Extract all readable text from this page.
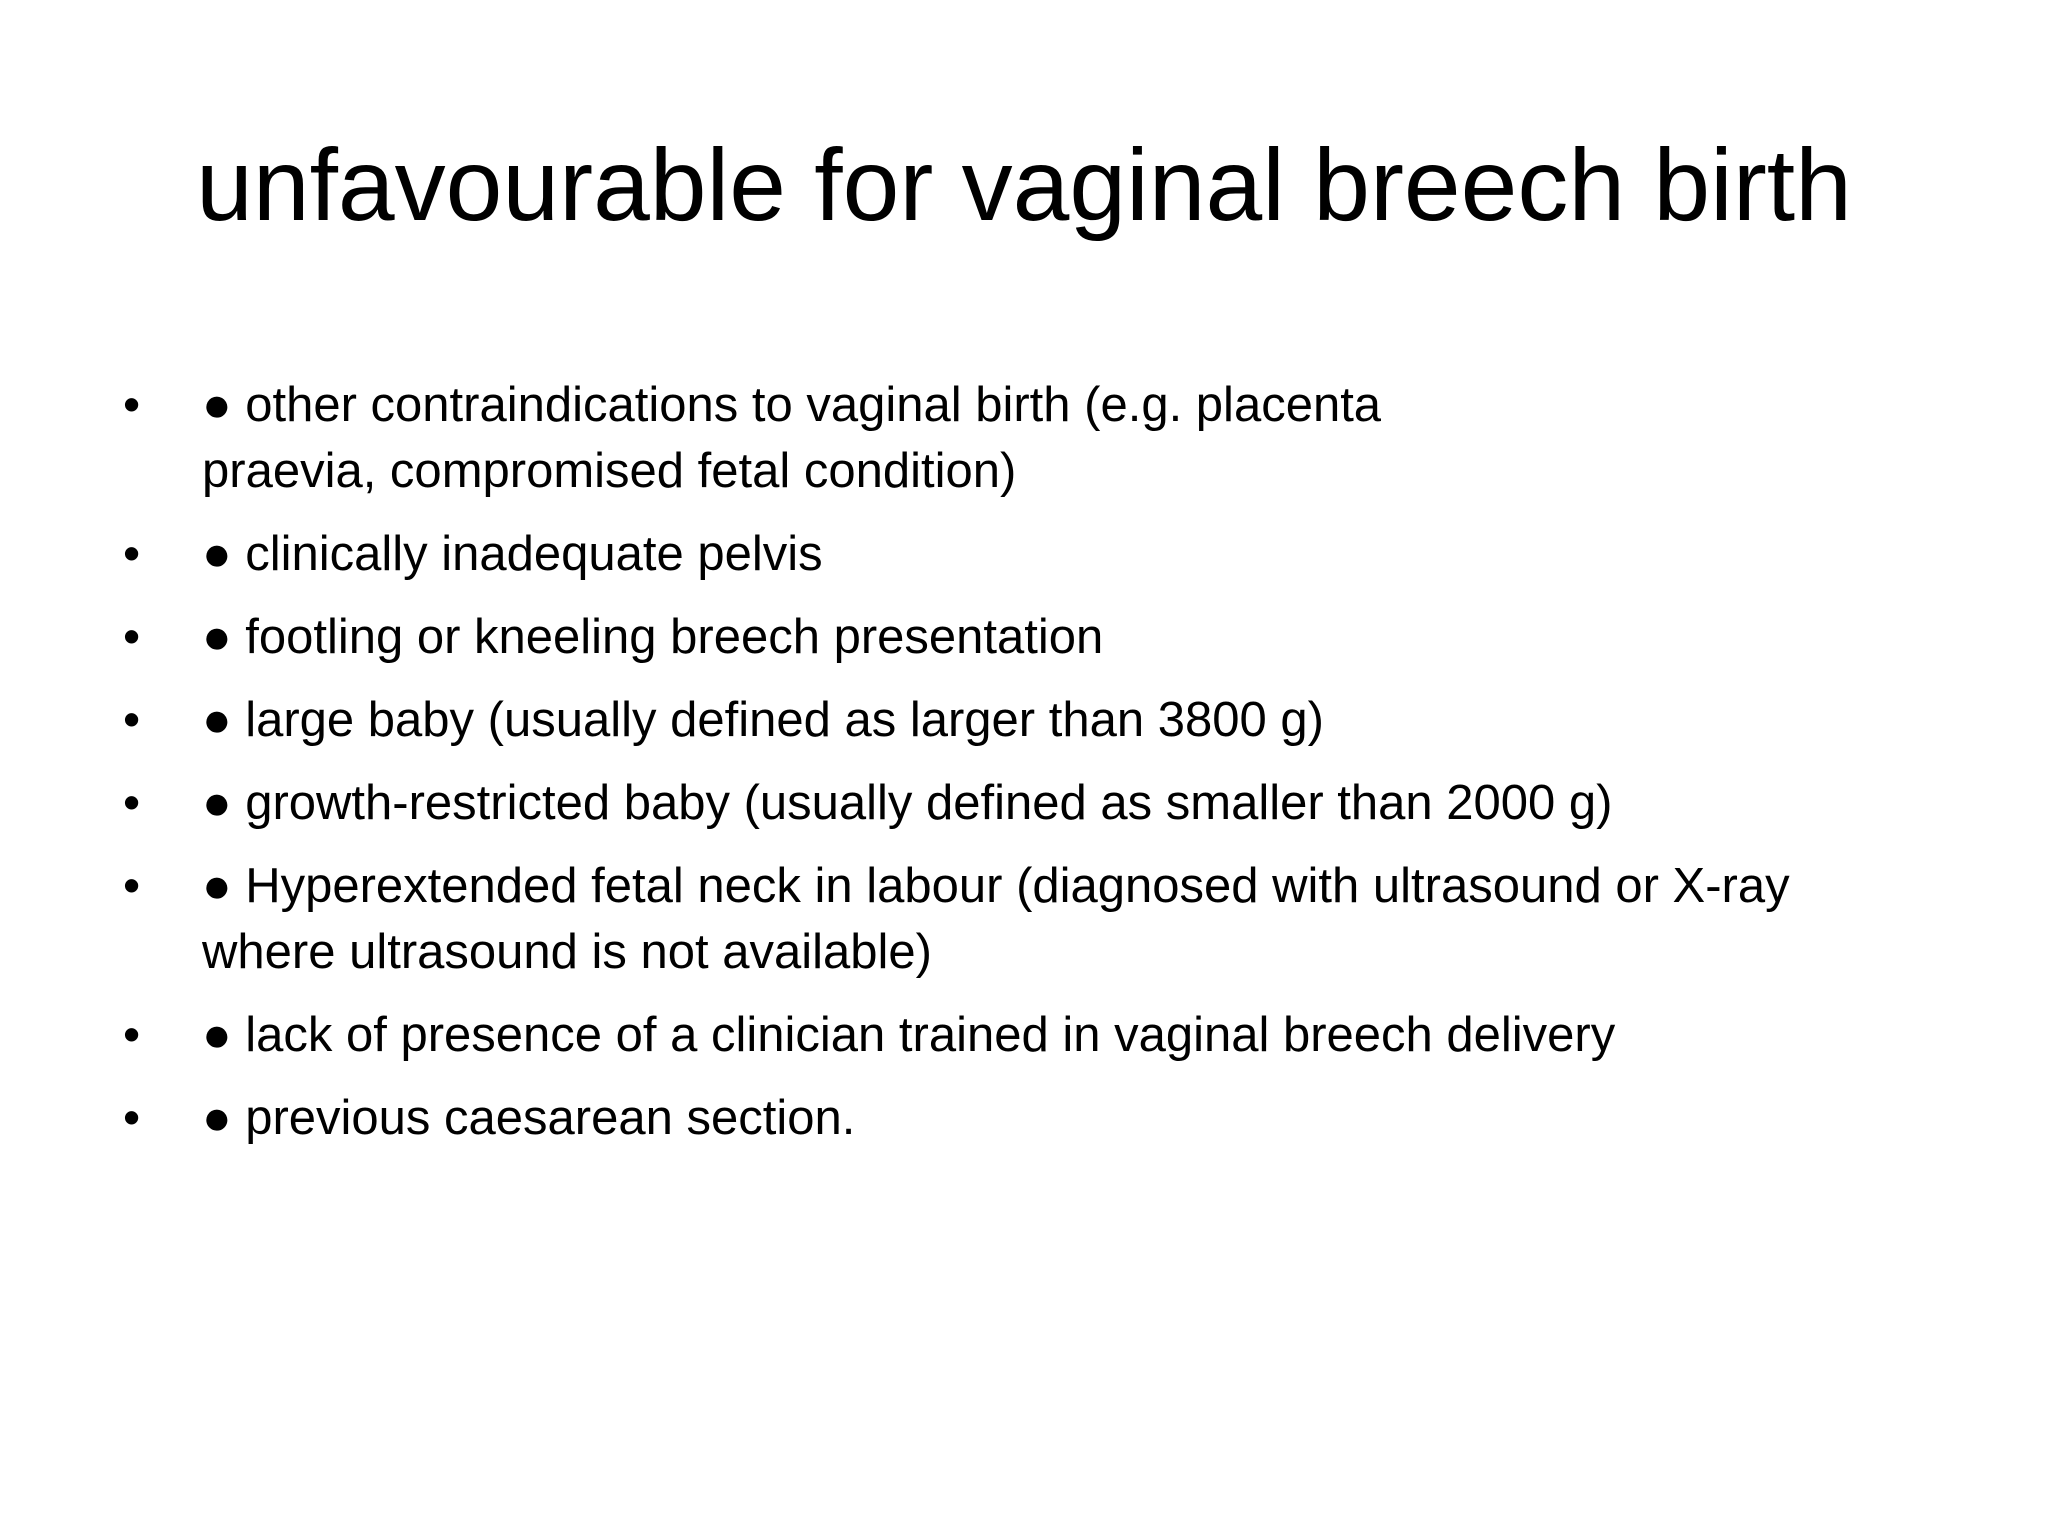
unfavourable for vaginal breech birth
• ● other contraindications to vaginal birth (e.g. placenta
praevia, compromised fetal condition)
• ● clinically inadequate pelvis
• ● footling or kneeling breech presentation
• ● large baby (usually defined as larger than 3800 g)
• ● growth-restricted baby (usually defined as smaller than 2000 g)
• ● Hyperextended fetal neck in labour (diagnosed with ultrasound or X-ray
where ultrasound is not available)
• ● lack of presence of a clinician trained in vaginal breech delivery
• ● previous caesarean section.
